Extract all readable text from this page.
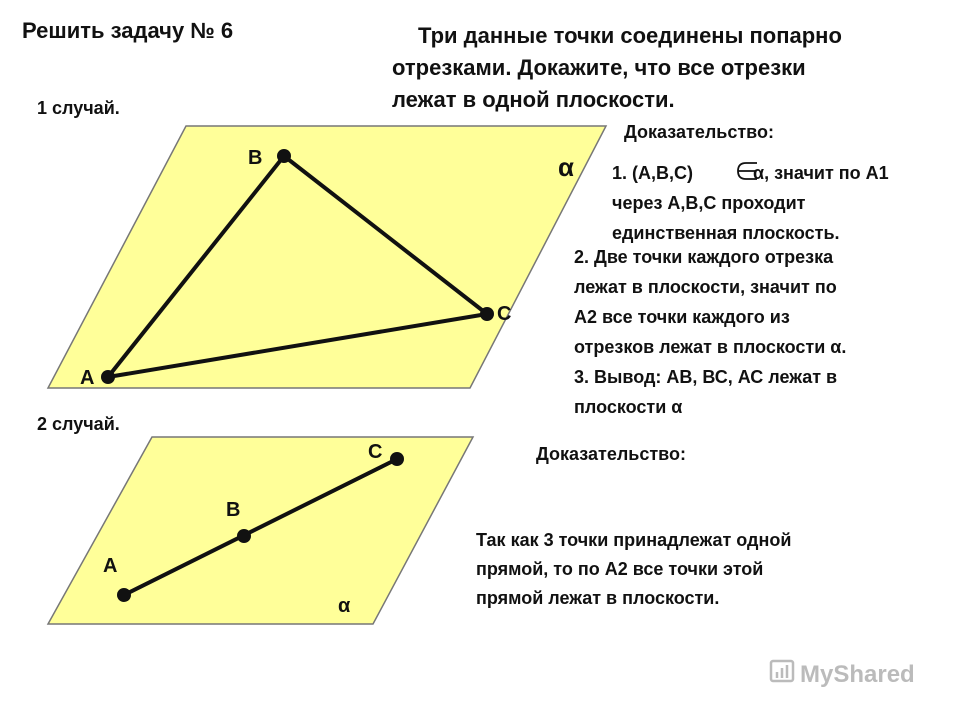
A
B
C
α
A
B
C
α
MyShared
Решить задачу № 6	Три данные точки соединены попарно
отрезками. Докажите, что все отрезки
лежат в одной плоскости.
1 случай.
Доказательство:
1. (А,В,С)	α, значит по А1
через А,В,С проходит
единственная плоскость.
2. Две точки каждого отрезка
лежат в плоскости, значит по
А2 все точки каждого из
отрезков лежат в плоскости α.
3. Вывод: АВ, ВС, АС лежат в
плоскости α
2 случай.
Доказательство:
Так как 3 точки принадлежат одной
прямой, то по А2 все точки этой
прямой лежат в плоскости.
